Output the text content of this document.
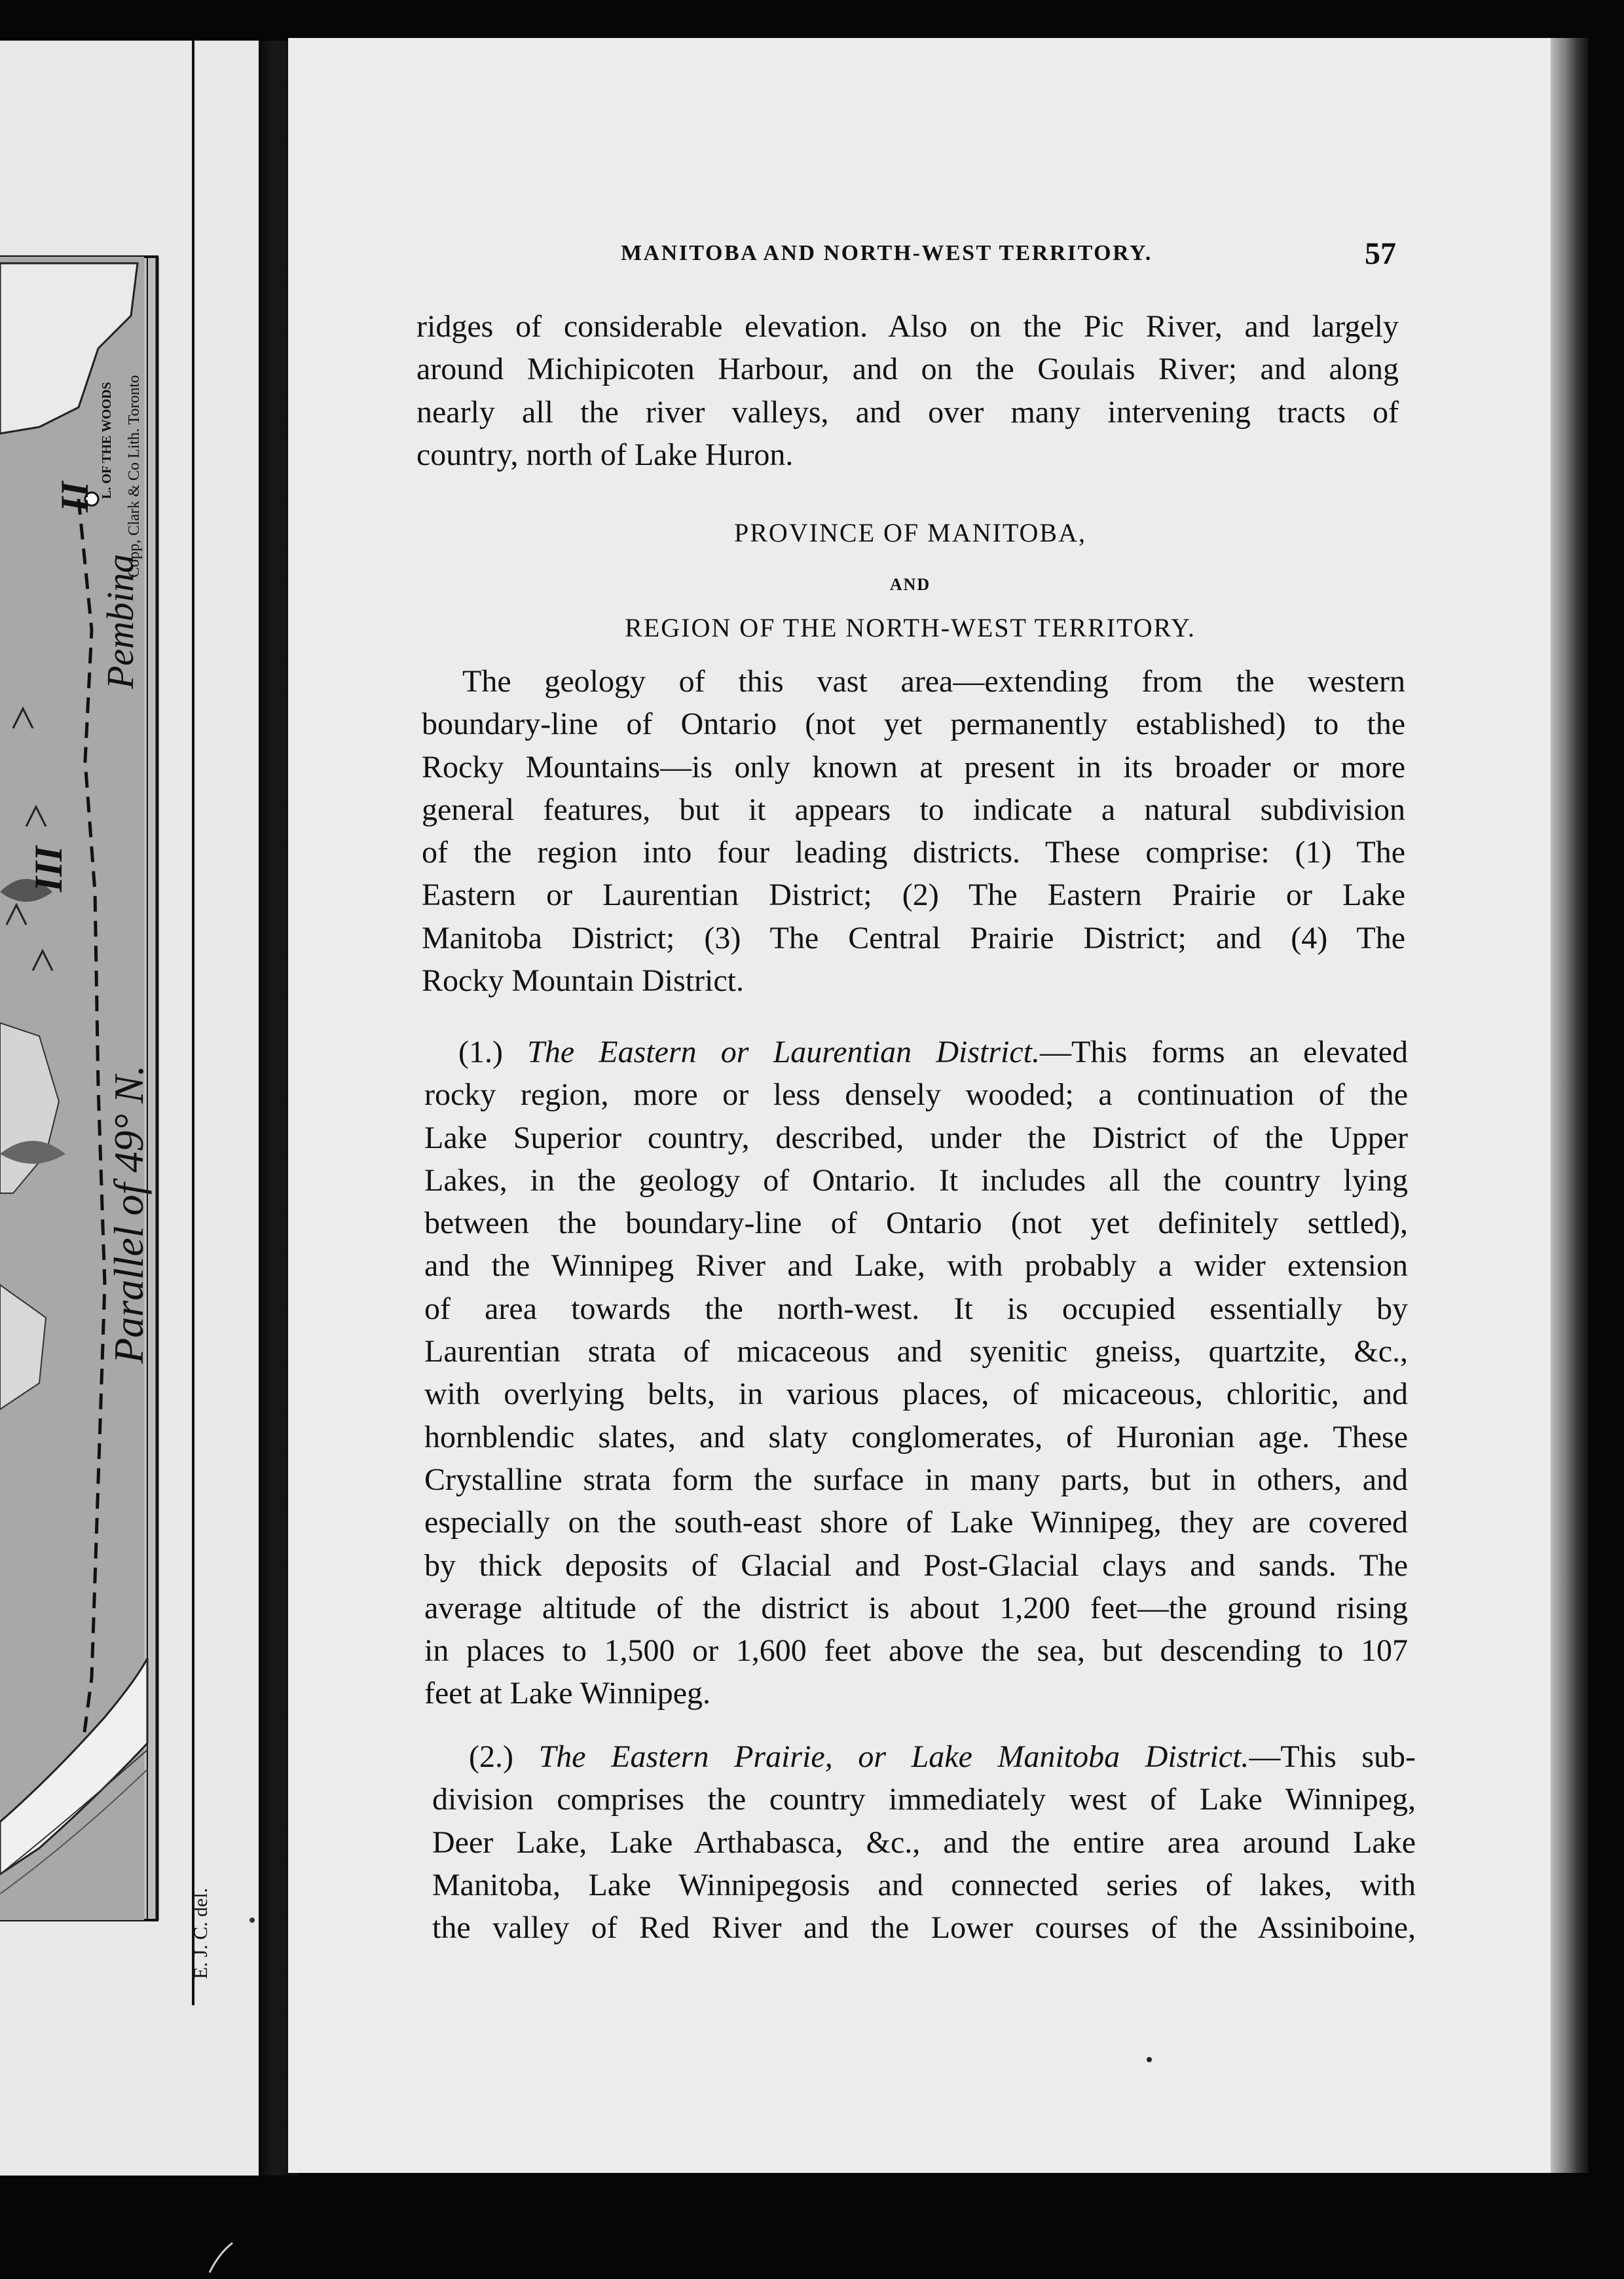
Parallel of 49° N.
Pembina
L. OF THE WOODS
II
III
Copp, Clark & Co Lith. Toronto
E. J. C. del.
MANITOBA AND NORTH-WEST TERRITORY.	57
ridges of considerable elevation. Also on the Pic River, and largely
around Michipicoten Harbour, and on the Goulais River; and along
nearly all the river valleys, and over many intervening tracts of
country, north of Lake Huron.
PROVINCE OF MANITOBA,
AND
REGION OF THE NORTH-WEST TERRITORY.
The geology of this vast area—extending from the western
boundary-line of Ontario (not yet permanently established) to the
Rocky Mountains—is only known at present in its broader or more
general features, but it appears to indicate a natural subdivision
of the region into four leading districts. These comprise: (1) The
Eastern or Laurentian District; (2) The Eastern Prairie or Lake
Manitoba District; (3) The Central Prairie District; and (4) The
Rocky Mountain District.
(1.) The Eastern or Laurentian District.—This forms an elevated
rocky region, more or less densely wooded; a continuation of the
Lake Superior country, described, under the District of the Upper
Lakes, in the geology of Ontario. It includes all the country lying
between the boundary-line of Ontario (not yet definitely settled),
and the Winnipeg River and Lake, with probably a wider extension
of area towards the north-west. It is occupied essentially by
Laurentian strata of micaceous and syenitic gneiss, quartzite, &c.,
with overlying belts, in various places, of micaceous, chloritic, and
hornblendic slates, and slaty conglomerates, of Huronian age. These
Crystalline strata form the surface in many parts, but in others, and
especially on the south-east shore of Lake Winnipeg, they are covered
by thick deposits of Glacial and Post-Glacial clays and sands. The
average altitude of the district is about 1,200 feet—the ground rising
in places to 1,500 or 1,600 feet above the sea, but descending to 107
feet at Lake Winnipeg.
(2.) The Eastern Prairie, or Lake Manitoba District.—This sub-
division comprises the country immediately west of Lake Winnipeg,
Deer Lake, Lake Arthabasca, &c., and the entire area around Lake
Manitoba, Lake Winnipegosis and connected series of lakes, with
the valley of Red River and the Lower courses of the Assiniboine,
